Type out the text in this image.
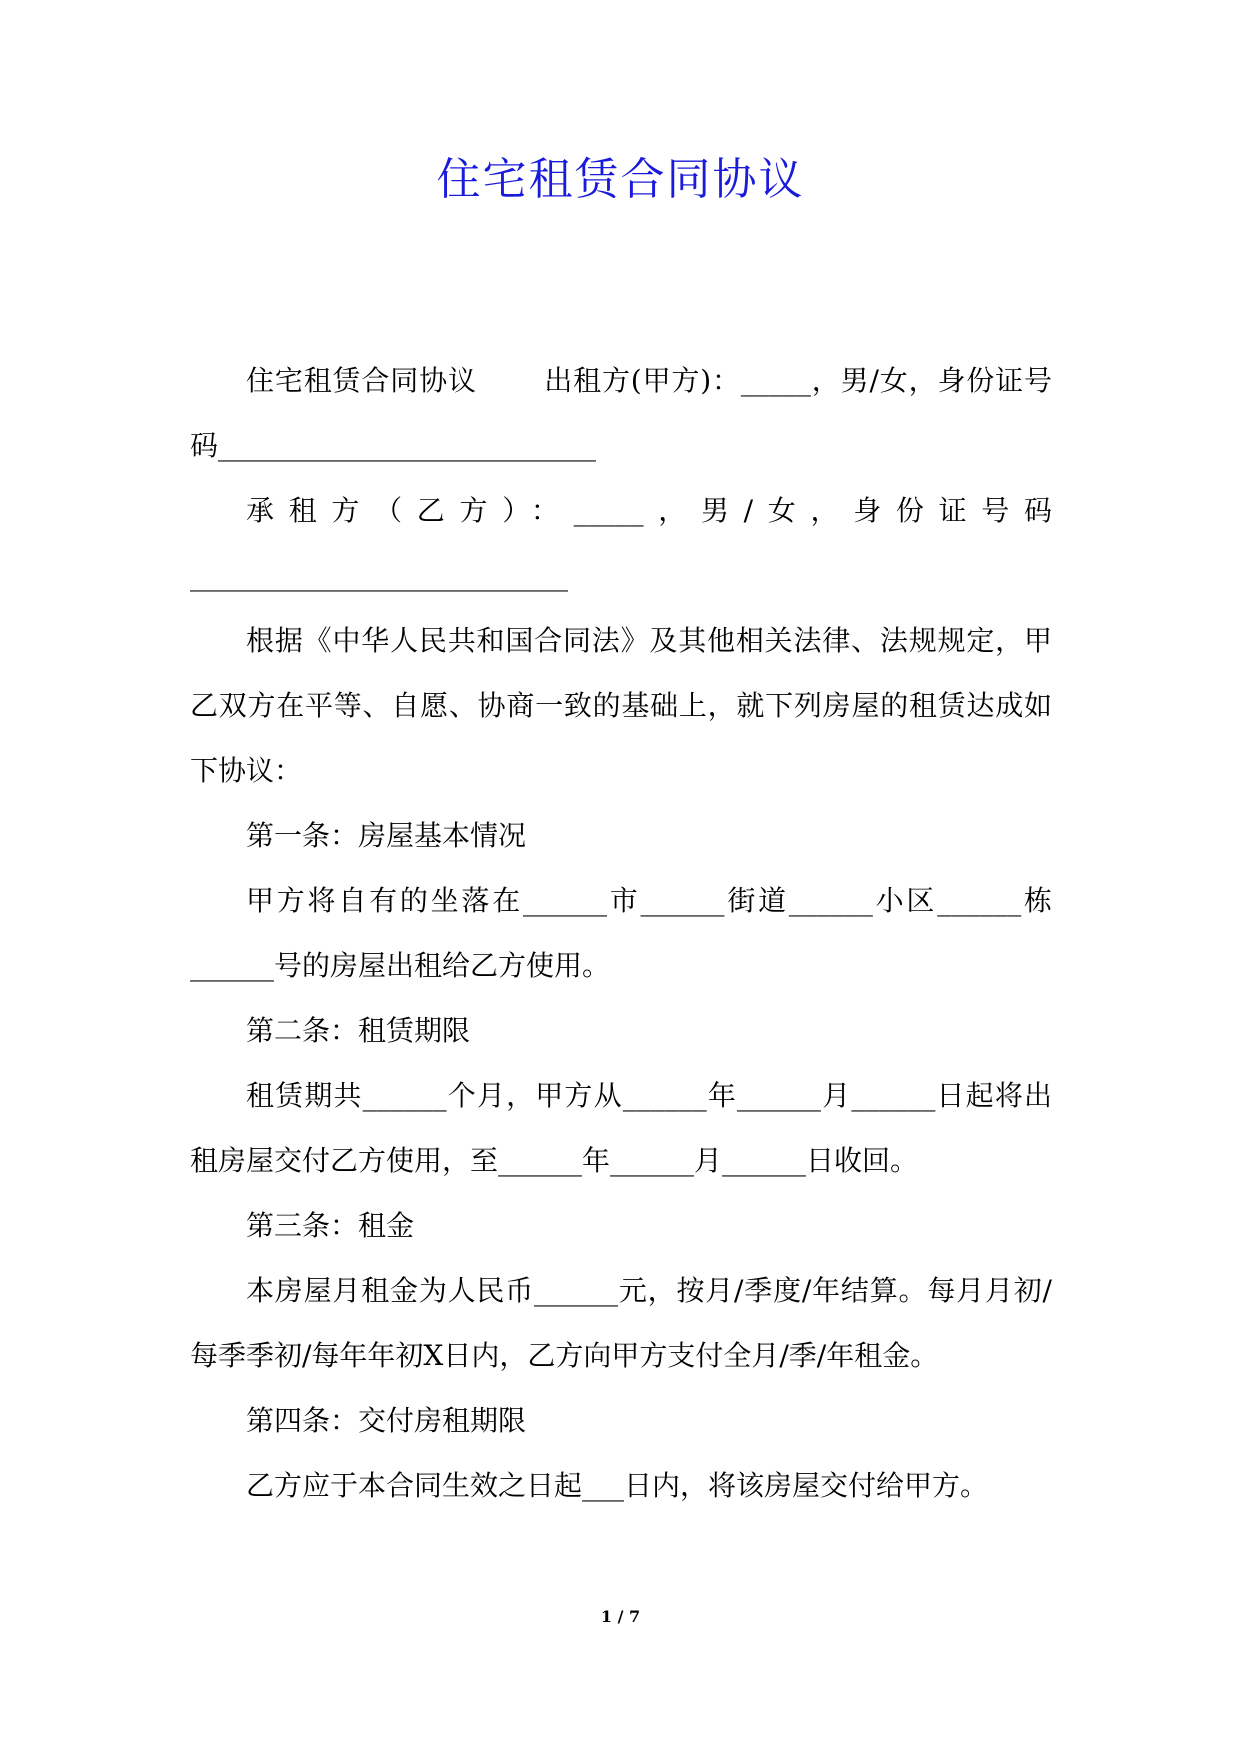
住宅租赁合同协议

住宅租赁合同协议 　　出租方(甲方)：_____，男/女，身份证号码___________________________

承租方（乙方）：_____，男/女，身份证号码

___________________________

根据《中华人民共和国合同法》及其他相关法律、法规规定，甲乙双方在平等、自愿、协商一致的基础上，就下列房屋的租赁达成如下协议：

第一条：房屋基本情况

甲方将自有的坐落在______市______街道______小区______栋______号的房屋出租给乙方使用。

第二条：租赁期限

租赁期共______个月，甲方从______年______月______日起将出租房屋交付乙方使用，至______年______月______日收回。

第三条：租金

本房屋月租金为人民币______元，按月/季度/年结算。每月月初/每季季初/每年年初X日内，乙方向甲方支付全月/季/年租金。

第四条：交付房租期限

乙方应于本合同生效之日起___日内，将该房屋交付给甲方。

1 / 7
